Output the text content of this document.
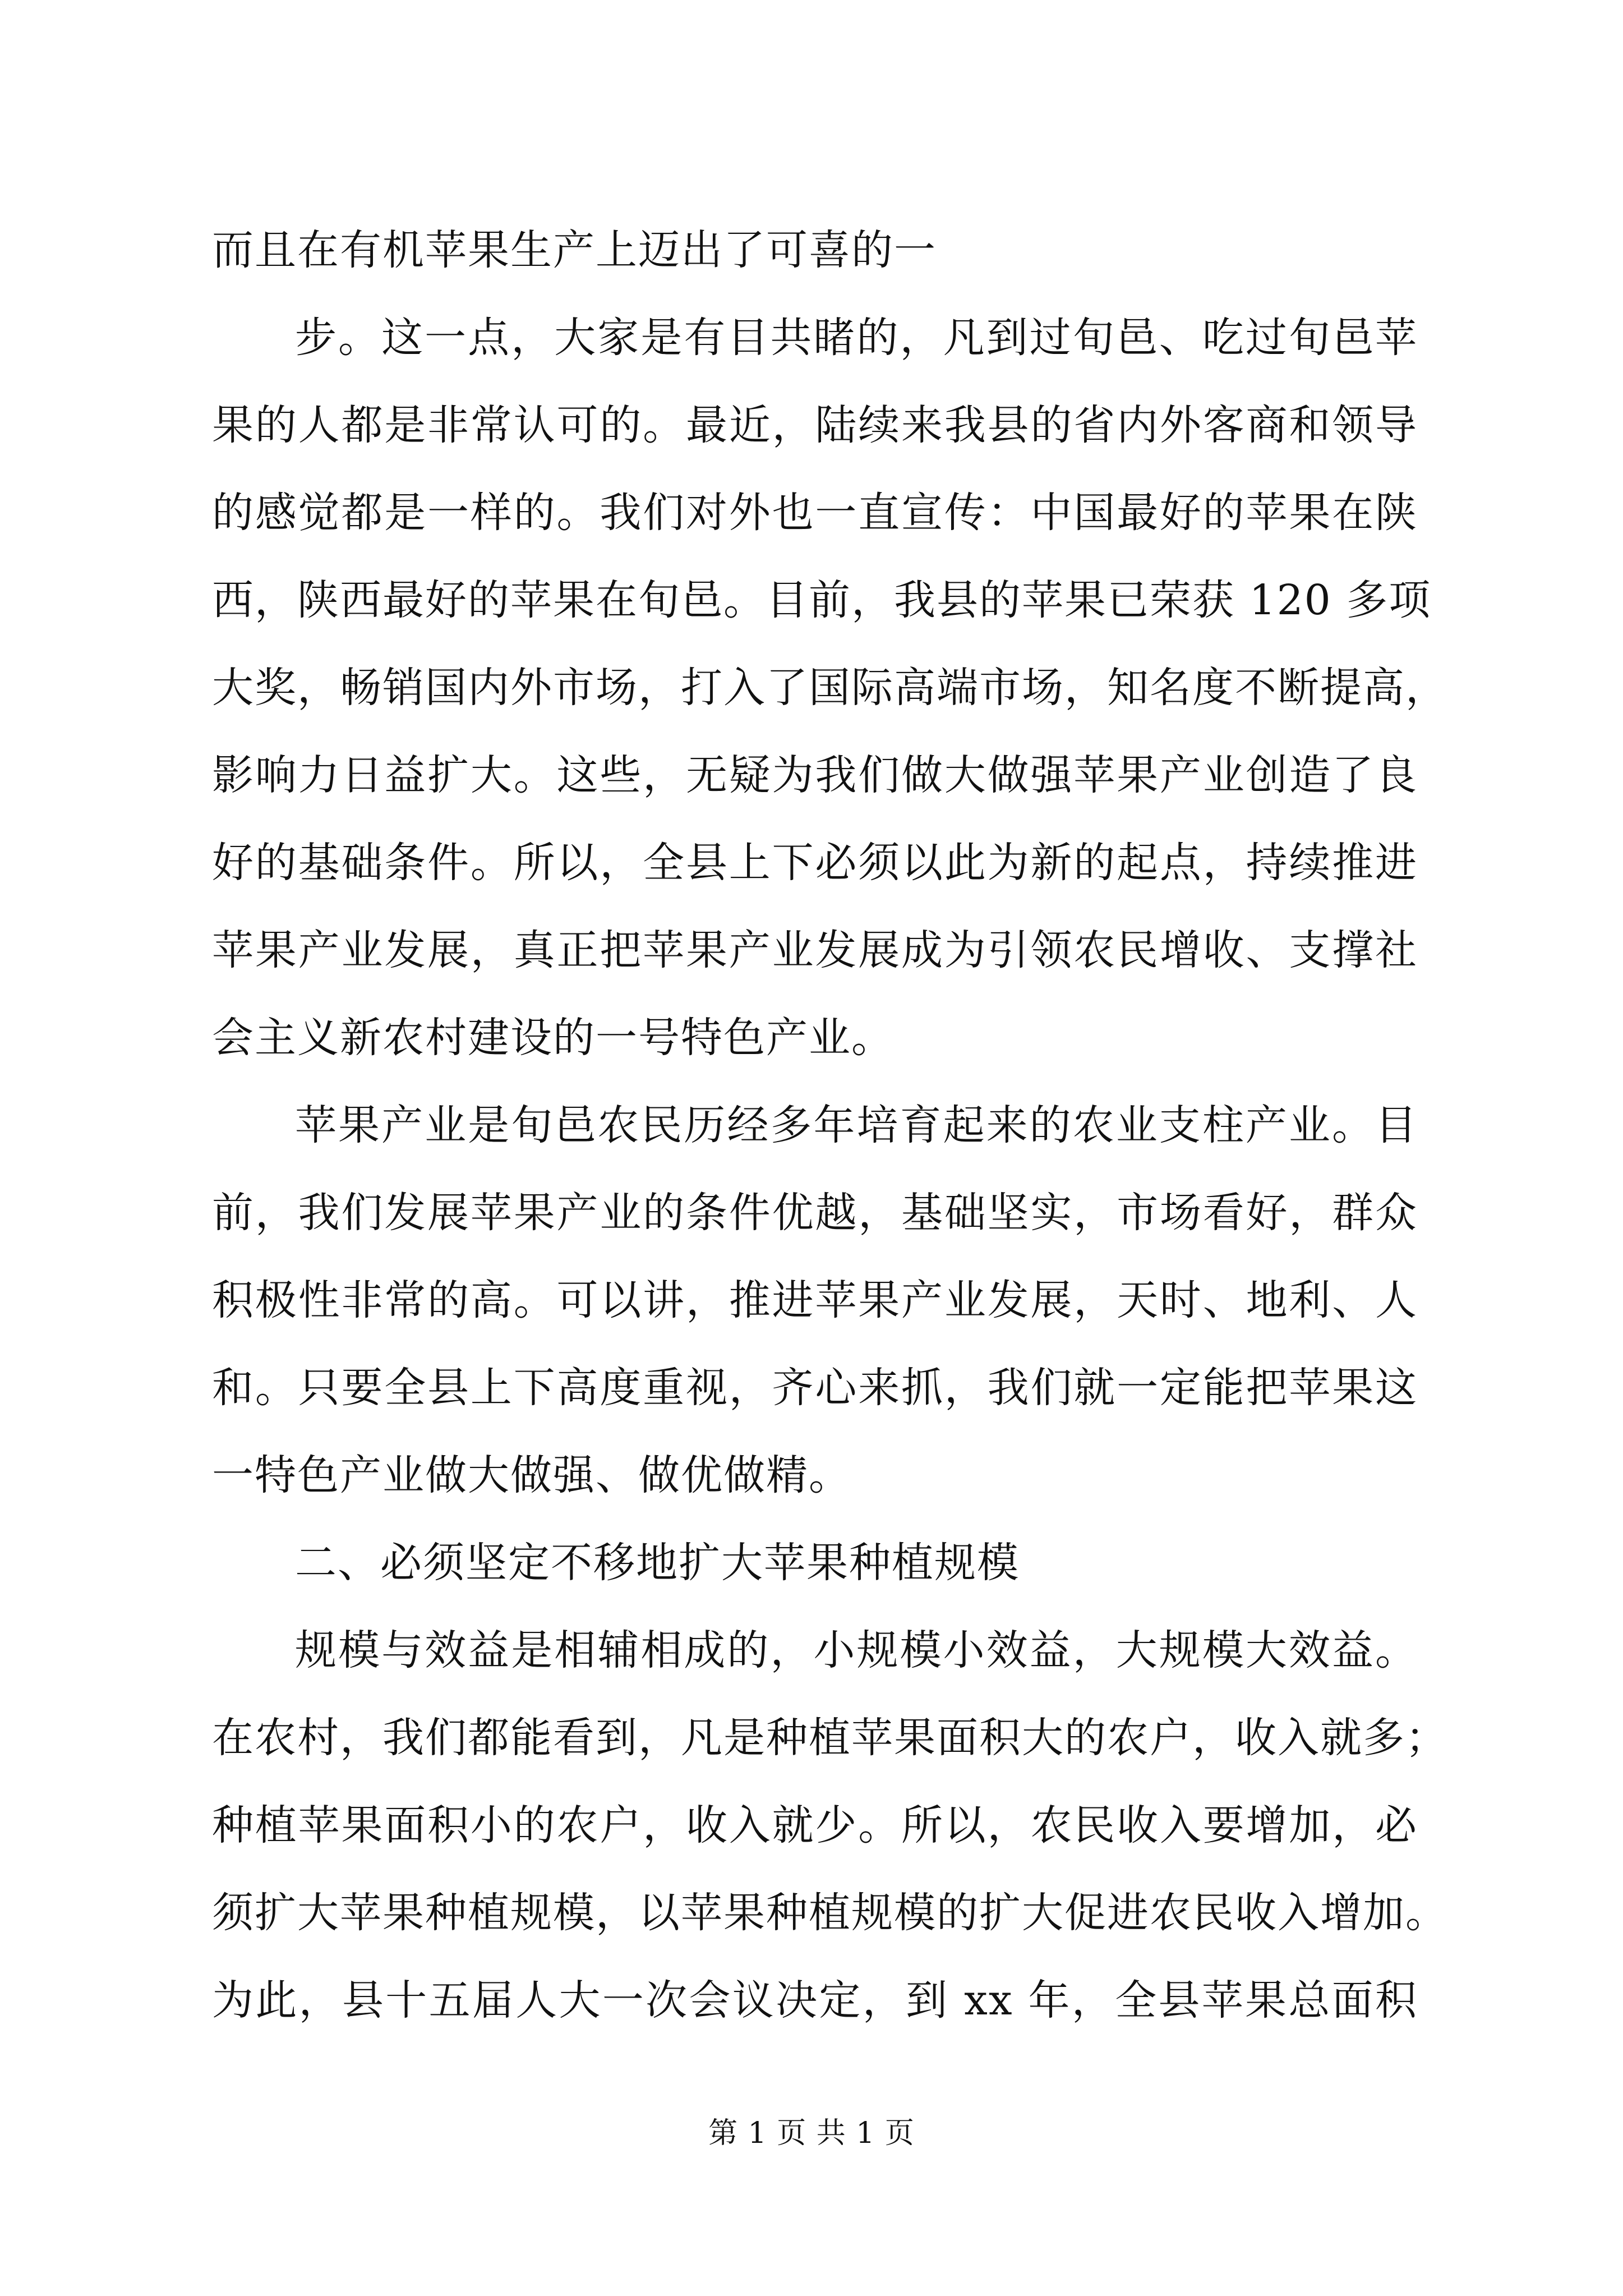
而且在有机苹果生产上迈出了可喜的一
步。这一点，大家是有目共睹的，凡到过旬邑、吃过旬邑苹
果的人都是非常认可的。最近，陆续来我县的省内外客商和领导
的感觉都是一样的。我们对外也一直宣传：中国最好的苹果在陕
西，陕西最好的苹果在旬邑。目前，我县的苹果已荣获 120 多项
大奖，畅销国内外市场，打入了国际高端市场，知名度不断提高，
影响力日益扩大。这些，无疑为我们做大做强苹果产业创造了良
好的基础条件。所以，全县上下必须以此为新的起点，持续推进
苹果产业发展，真正把苹果产业发展成为引领农民增收、支撑社
会主义新农村建设的一号特色产业。
苹果产业是旬邑农民历经多年培育起来的农业支柱产业。目
前，我们发展苹果产业的条件优越，基础坚实，市场看好，群众
积极性非常的高。可以讲，推进苹果产业发展，天时、地利、人
和。只要全县上下高度重视，齐心来抓，我们就一定能把苹果这
一特色产业做大做强、做优做精。
二、必须坚定不移地扩大苹果种植规模
规模与效益是相辅相成的，小规模小效益，大规模大效益。
在农村，我们都能看到，凡是种植苹果面积大的农户，收入就多；
种植苹果面积小的农户，收入就少。所以，农民收入要增加，必
须扩大苹果种植规模，以苹果种植规模的扩大促进农民收入增加。
为此，县十五届人大一次会议决定，到 xx 年，全县苹果总面积
第 1 页 共 1 页
